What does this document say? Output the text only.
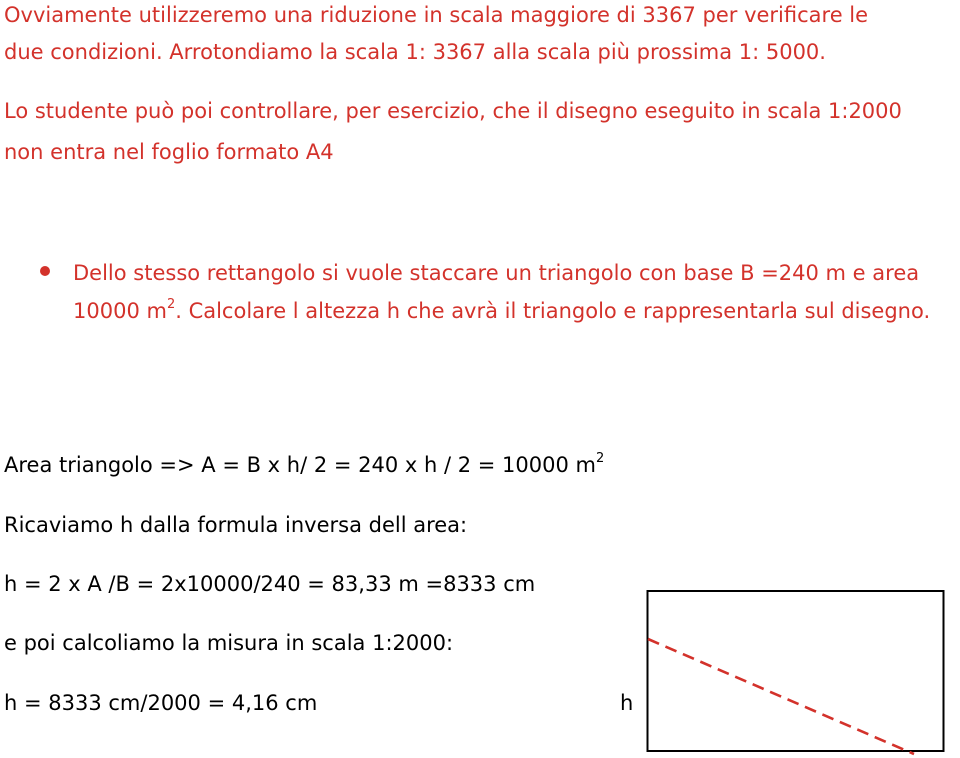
Ovviamente utilizzeremo una riduzione in scala maggiore di 3367 per verificare le

due condizioni. Arrotondiamo la scala 1: 3367 alla scala più prossima 1: 5000.

Lo studente può poi controllare, per esercizio, che il disegno eseguito in scala 1:2000

non entra nel foglio formato A4

Dello stesso rettangolo si vuole staccare un triangolo con base B =240 m e area 10000 $m^2$. Calcolare l altezza h che avrà il triangolo e rappresentarla sul disegno.

Area triangolo => A = B x h/ 2 = 240 x h / 2 = 10000 $m^2$

Ricaviamo h dalla formula inversa dell area:

h = 2 x A /B = 2x10000/240 = 83,33 m =8333 cm

e poi calcoliamo la misura in scala 1:2000:

h = 8333 cm/2000 = 4,16 cm	h
